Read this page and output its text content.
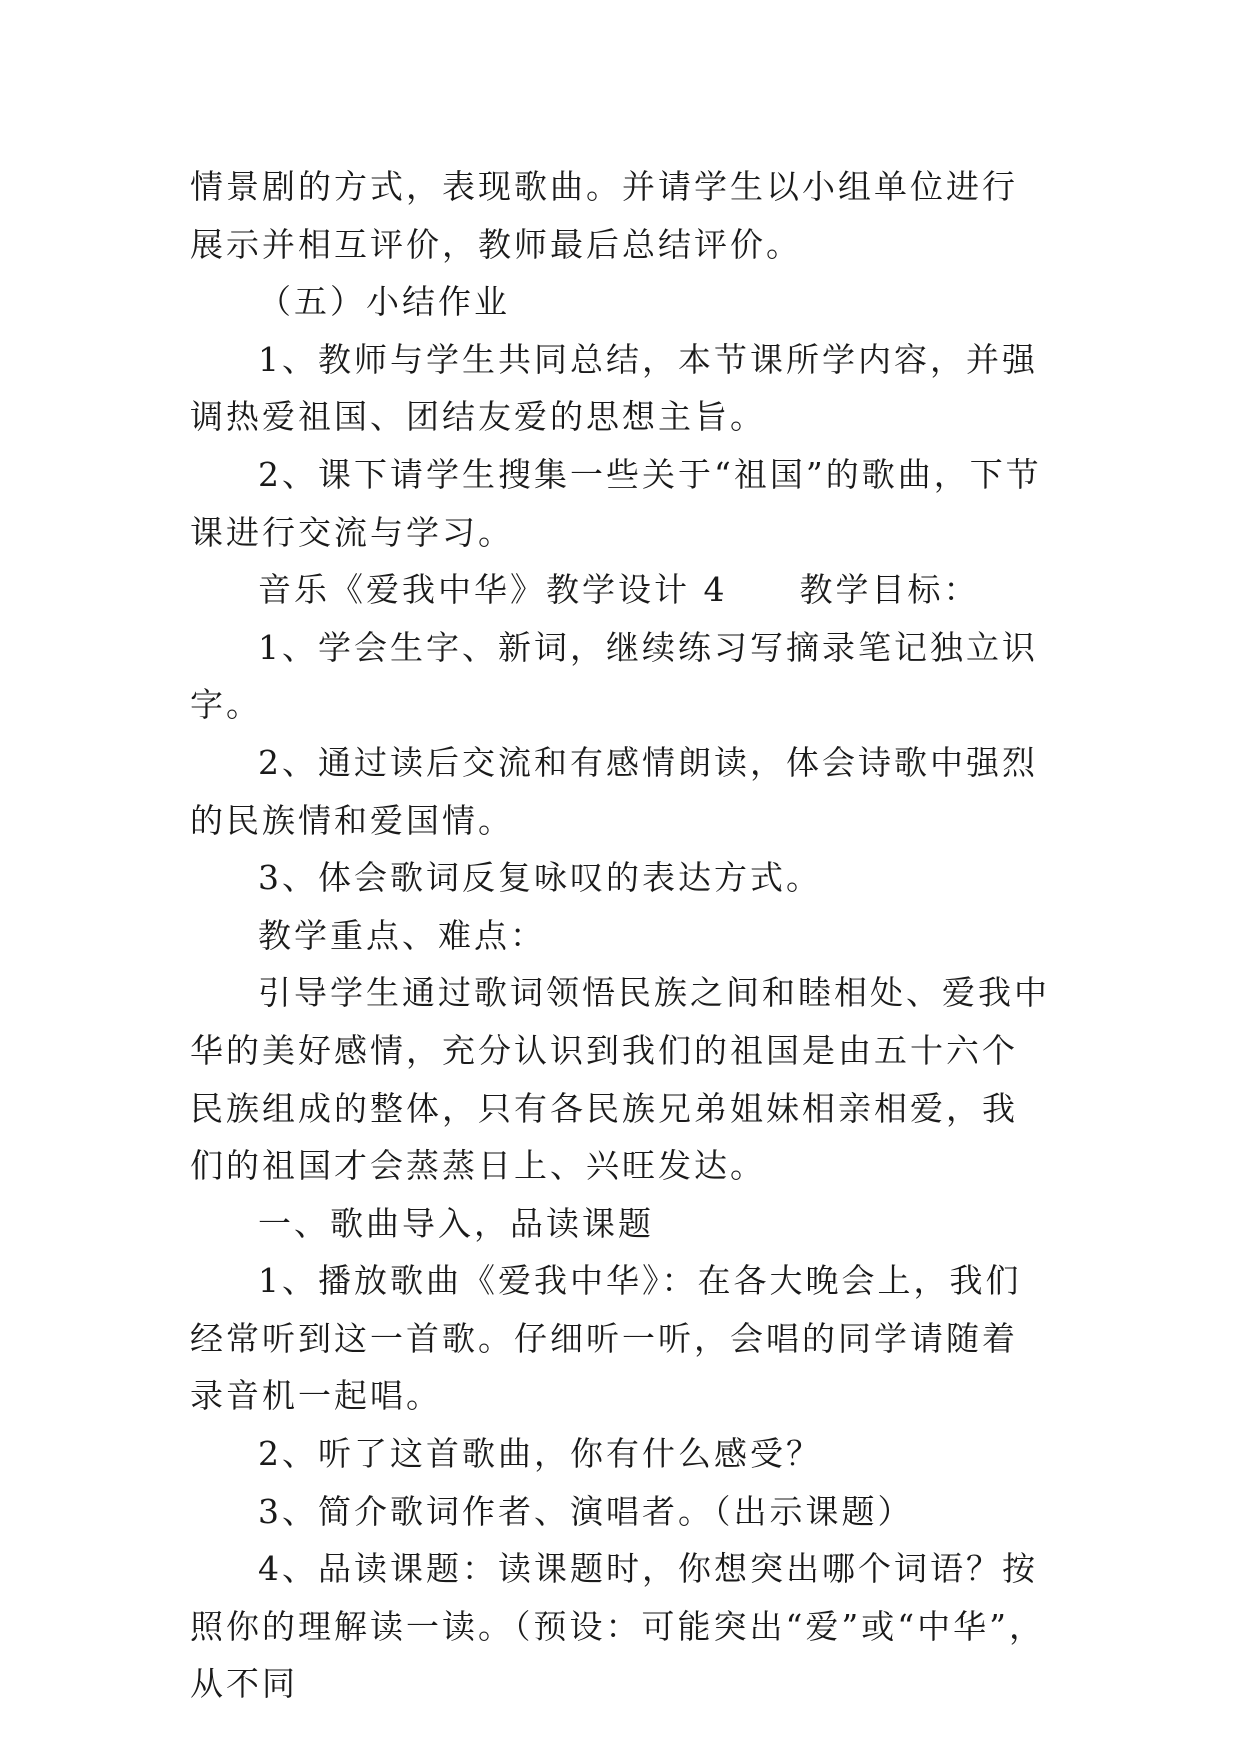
情景剧的方式，表现歌曲。并请学生以小组单位进行展示并相互评价，教师最后总结评价。

（五）小结作业

1、教师与学生共同总结，本节课所学内容，并强调热爱祖国、团结友爱的思想主旨。

2、课下请学生搜集一些关于“祖国”的歌曲，下节课进行交流与学习。

音乐《爱我中华》教学设计 4　　教学目标：

1、学会生字、新词，继续练习写摘录笔记独立识字。

2、通过读后交流和有感情朗读，体会诗歌中强烈的民族情和爱国情。

3、体会歌词反复咏叹的表达方式。

教学重点、难点：

引导学生通过歌词领悟民族之间和睦相处、爱我中华的美好感情，充分认识到我们的祖国是由五十六个民族组成的整体，只有各民族兄弟姐妹相亲相爱，我们的祖国才会蒸蒸日上、兴旺发达。

一、歌曲导入，品读课题

1、播放歌曲《爱我中华》：在各大晚会上，我们经常听到这一首歌。仔细听一听，会唱的同学请随着录音机一起唱。

2、听了这首歌曲，你有什么感受？

3、简介歌词作者、演唱者。（出示课题）

4、品读课题：读课题时，你想突出哪个词语？按照你的理解读一读。（预设：可能突出“爱”或“中华”，从不同
